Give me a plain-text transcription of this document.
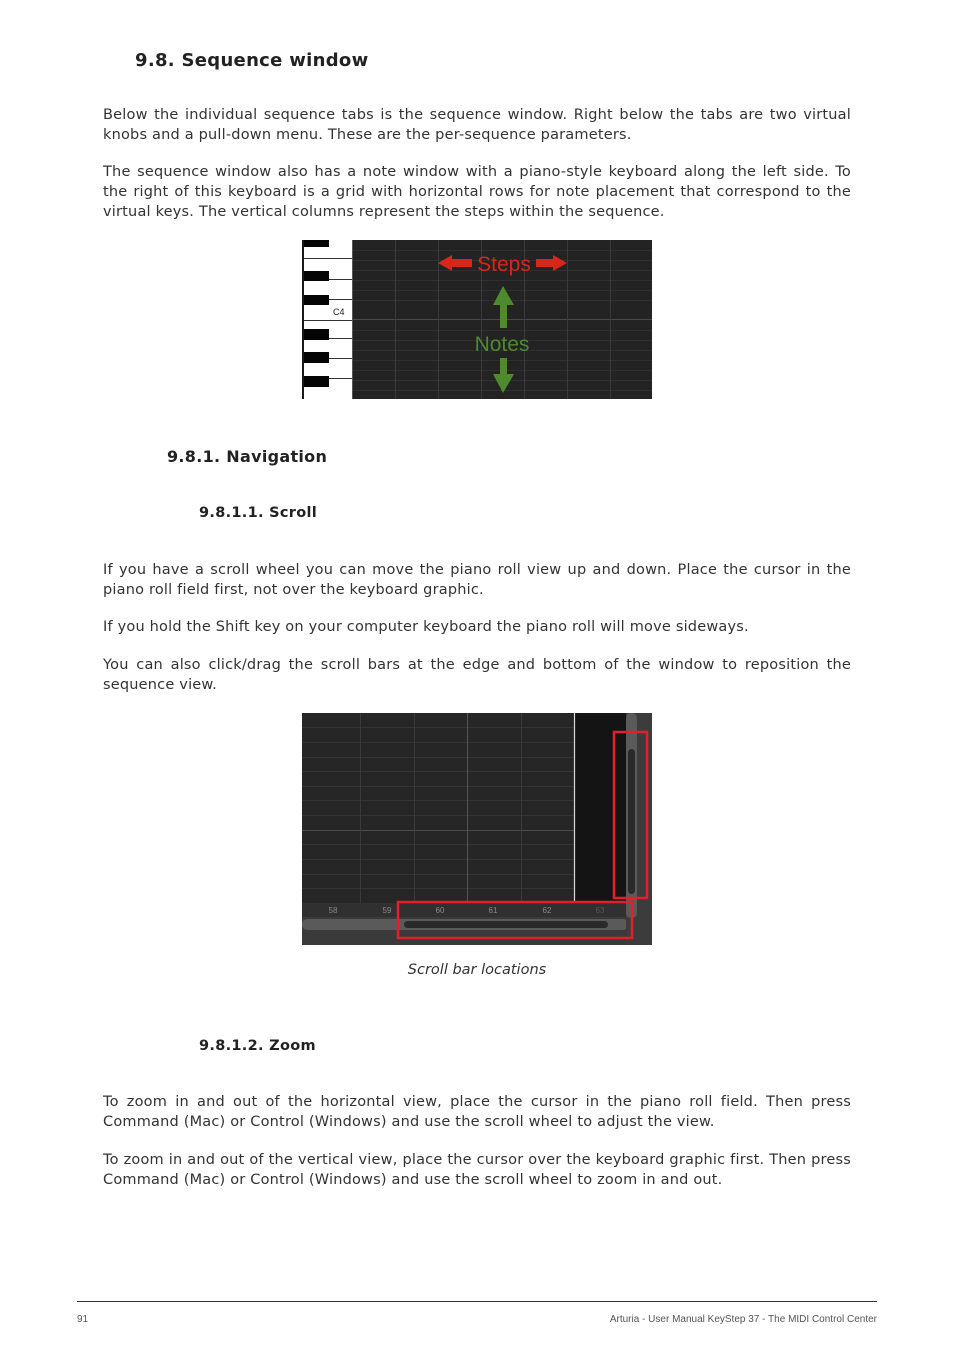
9.8. Sequence window

Below the individual sequence tabs is the sequence window. Right below the tabs are two virtual knobs and a pull-down menu. These are the per-sequence parameters.

The sequence window also has a note window with a piano-style keyboard along the left side. To the right of this keyboard is a grid with horizontal rows for note placement that correspond to the virtual keys. The vertical columns represent the steps within the sequence.

C4
Steps
Notes
9.8.1. Navigation
9.8.1.1. Scroll

If you have a scroll wheel you can move the piano roll view up and down. Place the cursor in the piano roll field first, not over the keyboard graphic.

If you hold the Shift key on your computer keyboard the piano roll will move sideways.

You can also click/drag the scroll bars at the edge and bottom of the window to reposition the sequence view.

58	59	60	61	62	63

Scroll bar locations

9.8.1.2. Zoom

To zoom in and out of the horizontal view, place the cursor in the piano roll field. Then press Command (Mac) or Control (Windows) and use the scroll wheel to adjust the view.

To zoom in and out of the vertical view, place the cursor over the keyboard graphic first. Then press Command (Mac) or Control (Windows) and use the scroll wheel to zoom in and out.

91	Arturia - User Manual KeyStep 37 - The MIDI Control Center
